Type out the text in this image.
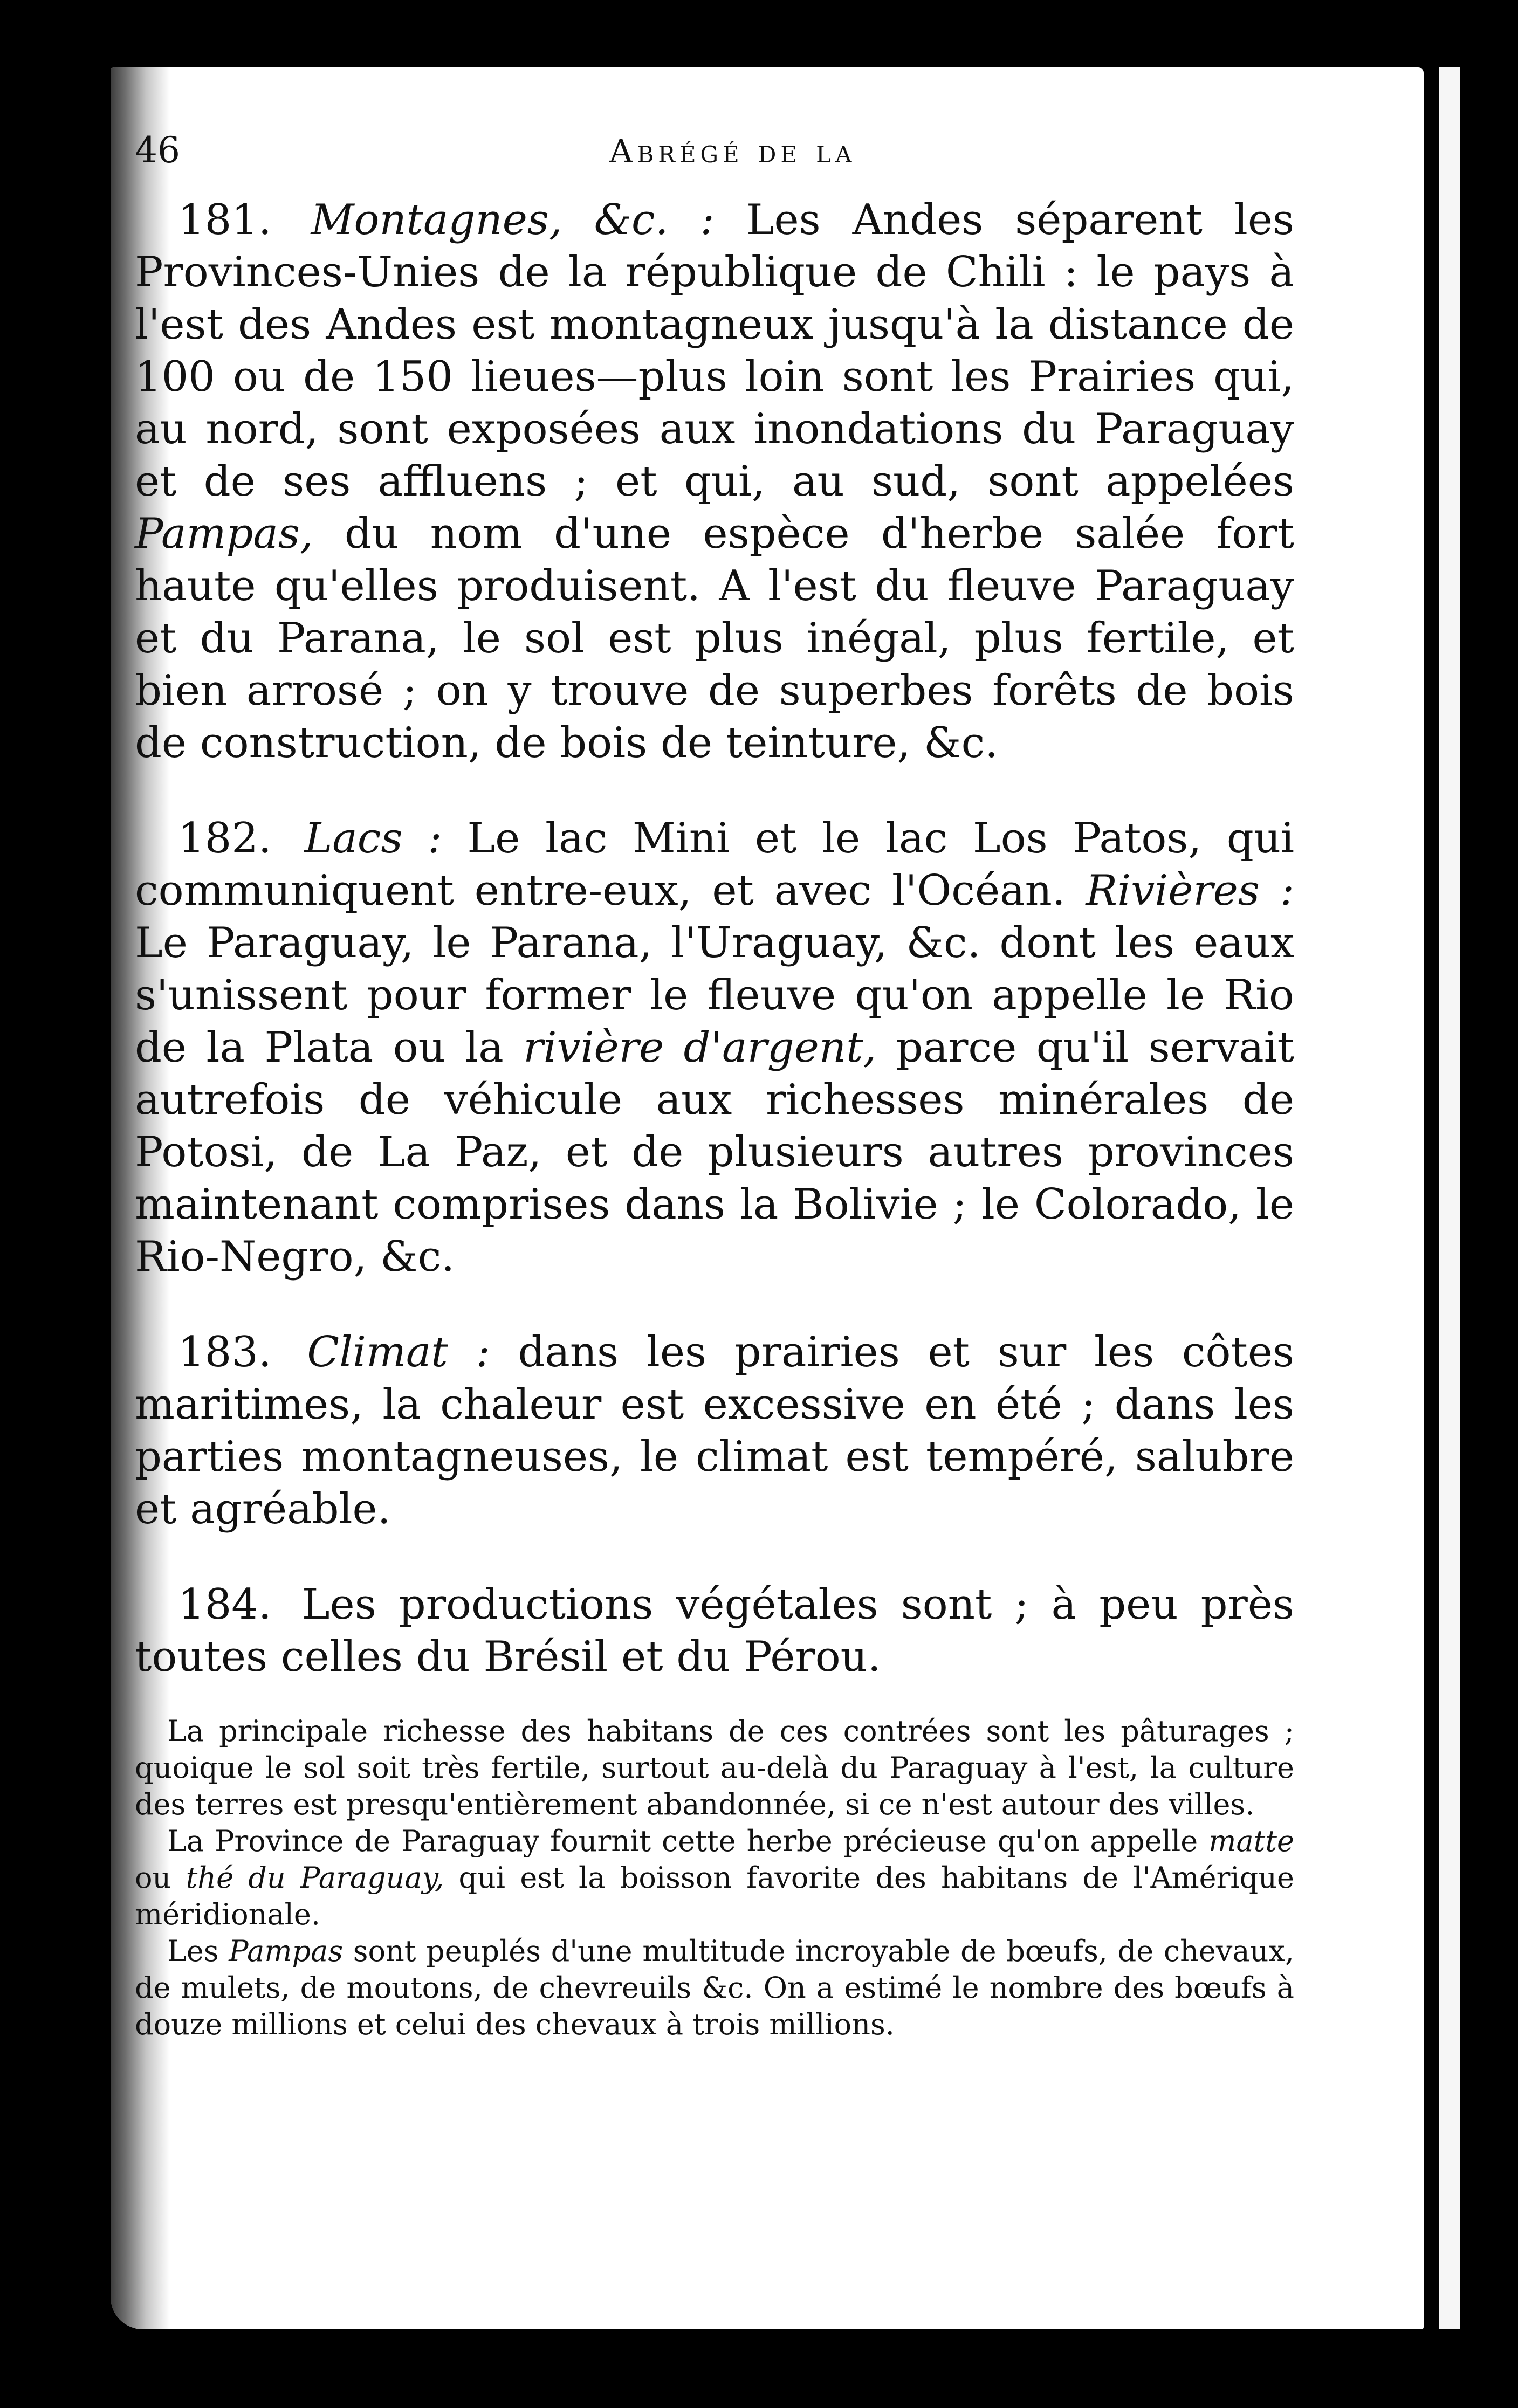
46	Abrégé de la

181. Montagnes, &c. : Les Andes séparent les Provinces-Unies de la république de Chili : le pays à l'est des Andes est montagneux jusqu'à la distance de 100 ou de 150 lieues—plus loin sont les Prairies qui, au nord, sont exposées aux inondations du Paraguay et de ses affluens ; et qui, au sud, sont appelées Pampas, du nom d'une espèce d'herbe salée fort haute qu'elles produisent. A l'est du fleuve Paraguay et du Parana, le sol est plus inégal, plus fertile, et bien arrosé ; on y trouve de superbes forêts de bois de construction, de bois de teinture, &c.

182. Lacs : Le lac Mini et le lac Los Patos, qui communiquent entre-eux, et avec l'Océan. Rivières : Le Paraguay, le Parana, l'Uraguay, &c. dont les eaux s'unissent pour former le fleuve qu'on appelle le Rio de la Plata ou la rivière d'argent, parce qu'il servait autrefois de véhicule aux richesses minérales de Potosi, de La Paz, et de plusieurs autres provinces maintenant comprises dans la Bolivie ; le Colorado, le Rio-Negro, &c.

183. Climat : dans les prairies et sur les côtes maritimes, la chaleur est excessive en été ; dans les parties montagneuses, le climat est tempéré, salubre et agréable.

184. Les productions végétales sont ; à peu près toutes celles du Brésil et du Pérou.

La principale richesse des habitans de ces contrées sont les pâturages ; quoique le sol soit très fertile, surtout au-delà du Paraguay à l'est, la culture des terres est presqu'entièrement abandonnée, si ce n'est autour des villes.

La Province de Paraguay fournit cette herbe précieuse qu'on appelle matte ou thé du Paraguay, qui est la boisson favorite des habitans de l'Amérique méridionale.

Les Pampas sont peuplés d'une multitude incroyable de bœufs, de chevaux, de mulets, de moutons, de chevreuils &c. On a estimé le nombre des bœufs à douze millions et celui des chevaux à trois millions.
